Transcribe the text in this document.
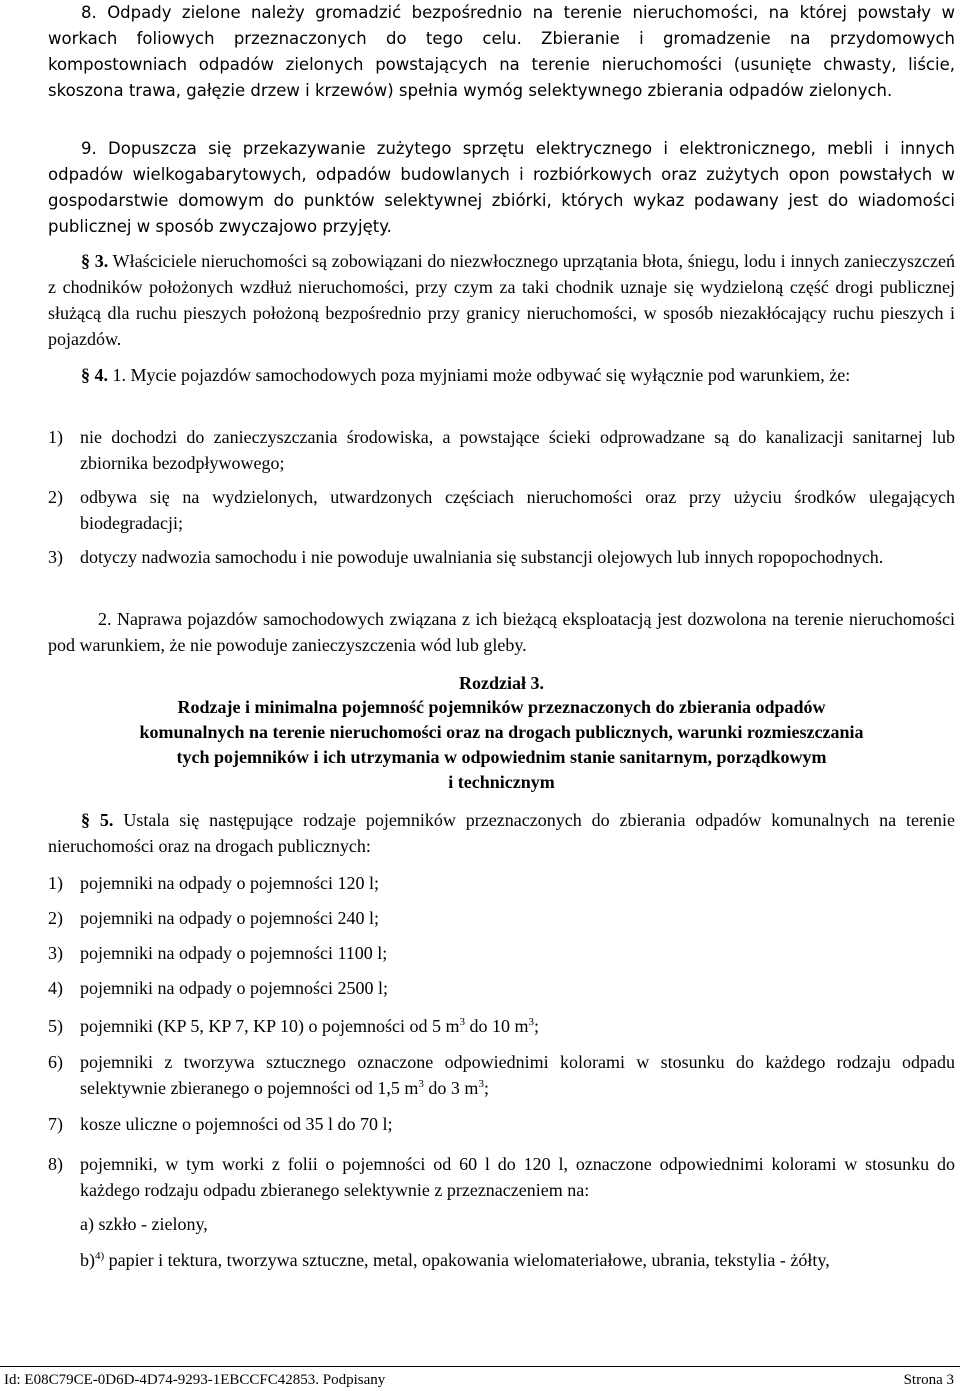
8. Odpady zielone należy gromadzić bezpośrednio na terenie nieruchomości, na której powstały w workach foliowych przeznaczonych do tego celu. Zbieranie i gromadzenie na przydomowych kompostowniach odpadów zielonych powstających na terenie nieruchomości (usunięte chwasty, liście, skoszona trawa, gałęzie drzew i krzewów) spełnia wymóg selektywnego zbierania odpadów zielonych.

9. Dopuszcza się przekazywanie zużytego sprzętu elektrycznego i elektronicznego, mebli i innych odpadów wielkogabarytowych, odpadów budowlanych i rozbiórkowych oraz zużytych opon powstałych w gospodarstwie domowym do punktów selektywnej zbiórki, których wykaz podawany jest do wiadomości publicznej w sposób zwyczajowo przyjęty.

§ 3. Właściciele nieruchomości są zobowiązani do niezwłocznego uprzątania błota, śniegu, lodu i innych zanieczyszczeń z chodników położonych wzdłuż nieruchomości, przy czym za taki chodnik uznaje się wydzieloną część drogi publicznej służącą dla ruchu pieszych położoną bezpośrednio przy granicy nieruchomości, w sposób niezakłócający ruchu pieszych i pojazdów.

§ 4. 1. Mycie pojazdów samochodowych poza myjniami może odbywać się wyłącznie pod warunkiem, że:

1) nie dochodzi do zanieczyszczania środowiska, a powstające ścieki odprowadzane są do kanalizacji sanitarnej lub zbiornika bezodpływowego;

2) odbywa się na wydzielonych, utwardzonych częściach nieruchomości oraz przy użyciu środków ulegających biodegradacji;

3) dotyczy nadwozia samochodu i nie powoduje uwalniania się substancji olejowych lub innych ropopochodnych.

2. Naprawa pojazdów samochodowych związana z ich bieżącą eksploatacją jest dozwolona na terenie nieruchomości pod warunkiem, że nie powoduje zanieczyszczenia wód lub gleby.

Rozdział 3.

Rodzaje i minimalna pojemność pojemników przeznaczonych do zbierania odpadów

komunalnych na terenie nieruchomości oraz na drogach publicznych, warunki rozmieszczania

tych pojemników i ich utrzymania w odpowiednim stanie sanitarnym, porządkowym

i technicznym

§ 5. Ustala się następujące rodzaje pojemników przeznaczonych do zbierania odpadów komunalnych na terenie nieruchomości oraz na drogach publicznych:

1) pojemniki na odpady o pojemności 120 l;

2) pojemniki na odpady o pojemności 240 l;

3) pojemniki na odpady o pojemności 1100 l;

4) pojemniki na odpady o pojemności 2500 l;

5) pojemniki (KP 5, KP 7, KP 10) o pojemności od 5 $m^3$ do 10 $m^3$;

6) pojemniki z tworzywa sztucznego oznaczone odpowiednimi kolorami w stosunku do każdego rodzaju odpadu selektywnie zbieranego o pojemności od 1,5 $m^3$ do 3 $m^3$;

7) kosze uliczne o pojemności od 35 l do 70 l;

8) pojemniki, w tym worki z folii o pojemności od 60 l do 120 l, oznaczone odpowiednimi kolorami w stosunku do każdego rodzaju odpadu zbieranego selektywnie z przeznaczeniem na:

a) szkło - zielony,

b)$^{4)}$ papier i tektura, tworzywa sztuczne, metal, opakowania wielomateriałowe, ubrania, tekstylia - żółty,

Id: E08C79CE-0D6D-4D74-9293-1EBCCFC42853. Podpisany	Strona 3
